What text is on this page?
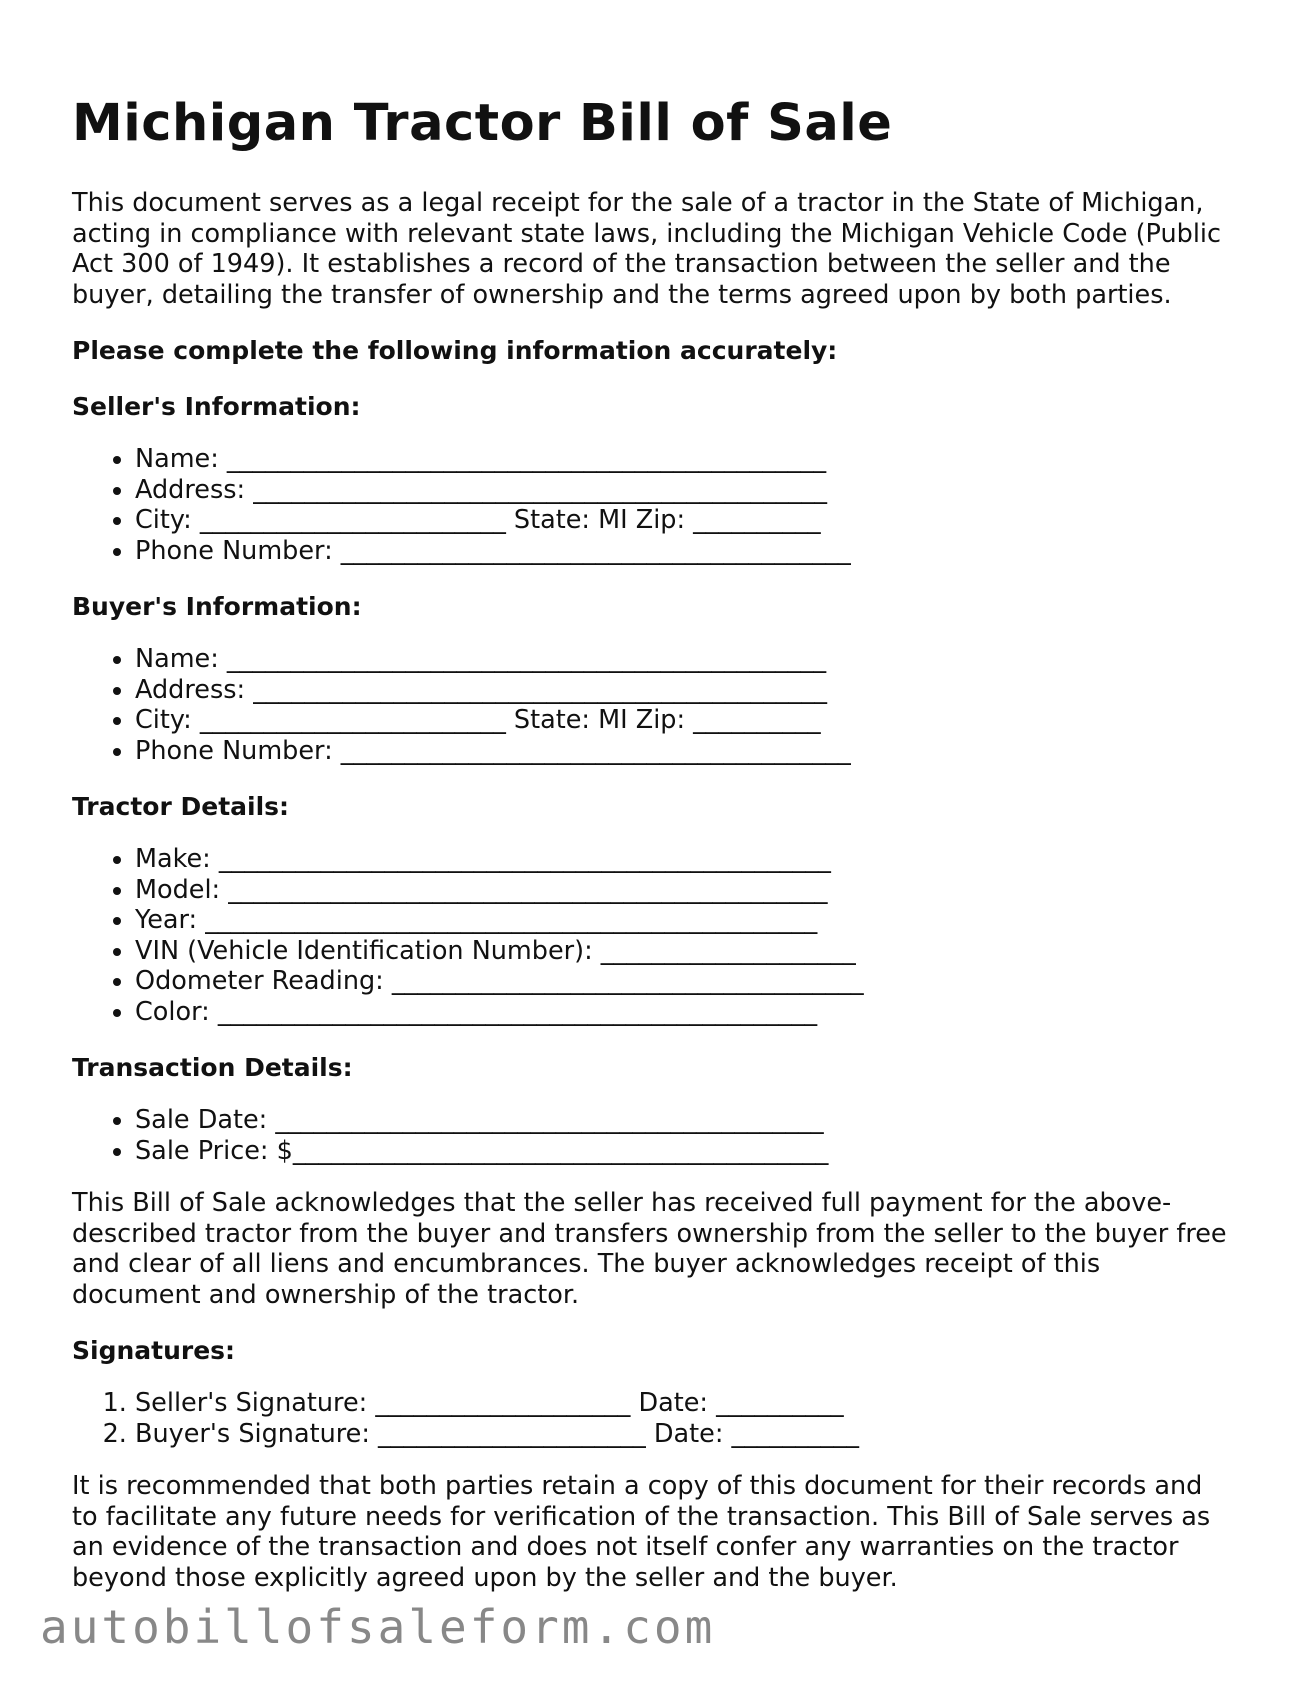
Michigan Tractor Bill of Sale

This document serves as a legal receipt for the sale of a tractor in the State of Michigan, acting in compliance with relevant state laws, including the Michigan Vehicle Code (Public Act 300 of 1949). It establishes a record of the transaction between the seller and the buyer, detailing the transfer of ownership and the terms agreed upon by both parties.

Please complete the following information accurately:

Seller's Information:

• Name: _______________________________________________
• Address: _____________________________________________
• City: ________________________ State: MI Zip: __________
• Phone Number: ________________________________________

Buyer's Information:

• Name: _______________________________________________
• Address: _____________________________________________
• City: ________________________ State: MI Zip: __________
• Phone Number: ________________________________________

Tractor Details:

• Make: ________________________________________________
• Model: _______________________________________________
• Year: ________________________________________________
• VIN (Vehicle Identification Number): ____________________
• Odometer Reading: _____________________________________
• Color: _______________________________________________

Transaction Details:

• Sale Date: ___________________________________________
• Sale Price: $__________________________________________

This Bill of Sale acknowledges that the seller has received full payment for the above-described tractor from the buyer and transfers ownership from the seller to the buyer free and clear of all liens and encumbrances. The buyer acknowledges receipt of this document and ownership of the tractor.

Signatures:

1. Seller's Signature: ____________________ Date: __________
2. Buyer's Signature: _____________________ Date: __________

It is recommended that both parties retain a copy of this document for their records and to facilitate any future needs for verification of the transaction. This Bill of Sale serves as an evidence of the transaction and does not itself confer any warranties on the tractor beyond those explicitly agreed upon by the seller and the buyer.

autobillofsaleform.com
